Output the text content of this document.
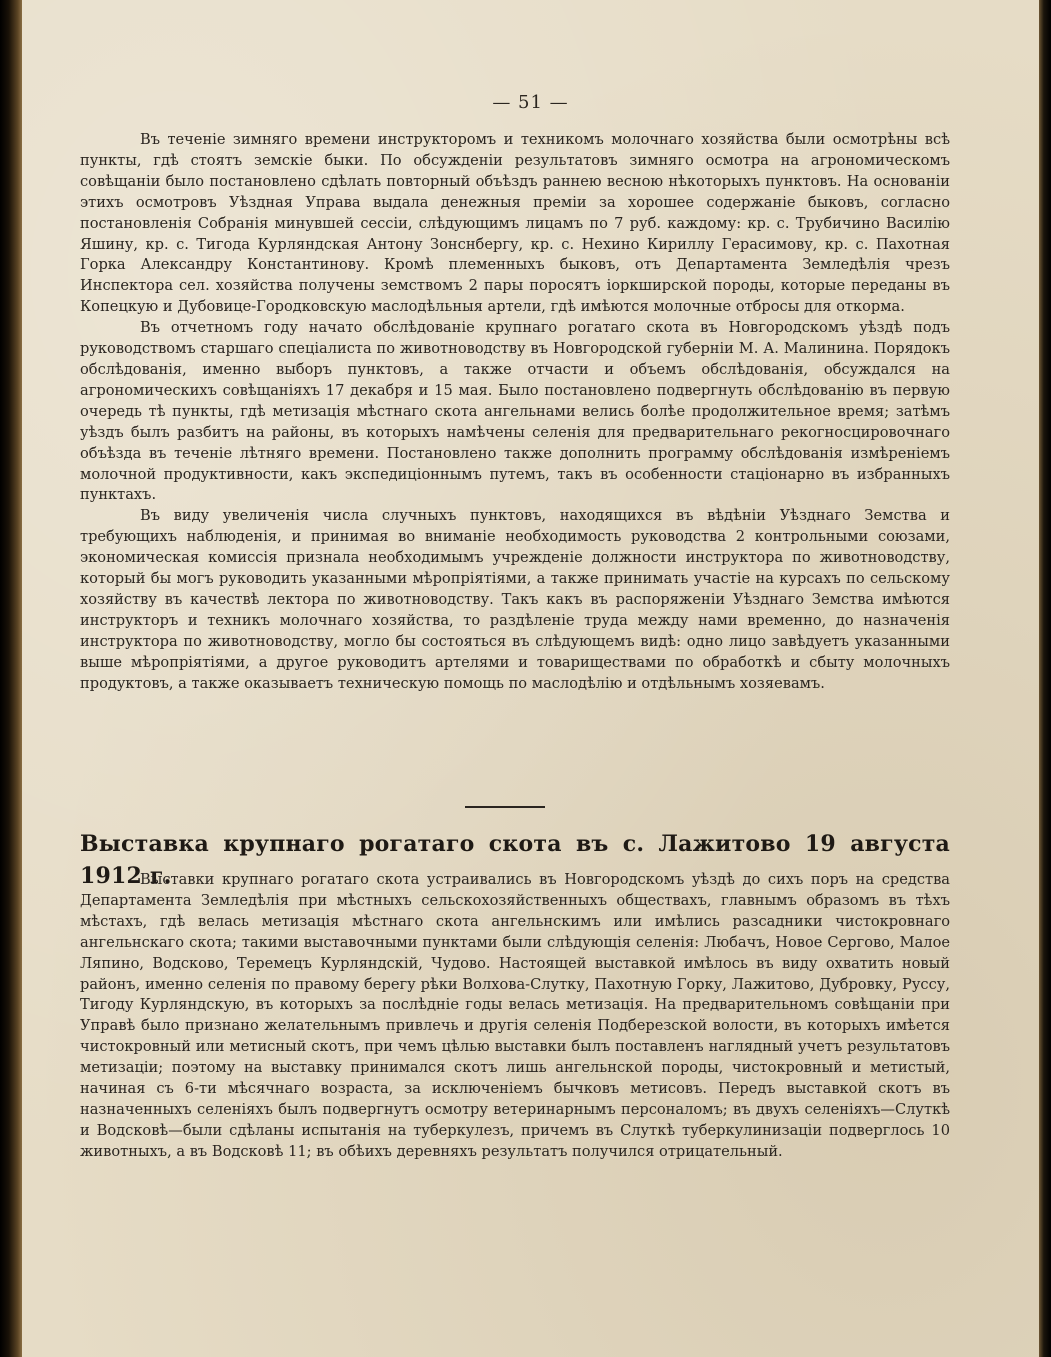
— 51 —

Въ теченіе зимняго времени инструкторомъ и техникомъ молочнаго хозяйства были осмотрѣны всѣ пункты, гдѣ стоятъ земскіе быки. По обсужденіи результатовъ зимняго осмотра на агрономическомъ совѣщаніи было постановлено сдѣлать повторный объѣздъ раннею весною нѣкоторыхъ пунктовъ. На основаніи этихъ осмотровъ Уѣздная Управа выдала денежныя преміи за хорошее содержаніе быковъ, согласно постановленія Собранія минувшей сессіи, слѣдующимъ лицамъ по 7 руб. каждому: кр. с. Трубичино Василію Яшину, кр. с. Тигода Курляндская Антону Зонснбергу, кр. с. Нехино Кириллу Герасимову, кр. с. Пахотная Горка Александру Константинову. Кромѣ племенныхъ быковъ, отъ Департамента Земледѣлія чрезъ Инспектора сел. хозяйства получены земствомъ 2 пары поросятъ іоркширской породы, которые переданы въ Копецкую и Дубовице-Городковскую маслодѣльныя артели, гдѣ имѣются молочные отбросы для откорма.

Въ отчетномъ году начато обслѣдованіе крупнаго рогатаго скота въ Новгородскомъ уѣздѣ подъ руководствомъ старшаго спеціалиста по животноводству въ Новгородской губерніи М. А. Малинина. Порядокъ обслѣдованія, именно выборъ пунктовъ, а также отчасти и объемъ обслѣдованія, обсуждался на агрономическихъ совѣщаніяхъ 17 декабря и 15 мая. Было постановлено подвергнуть обслѣдованію въ первую очередь тѣ пункты, гдѣ метизація мѣстнаго скота ангельнами велись болѣе продолжительное время; затѣмъ уѣздъ былъ разбитъ на районы, въ которыхъ намѣчены селенія для предварительнаго рекогносцировочнаго объѣзда въ теченіе лѣтняго времени. Постановлено также дополнить программу обслѣдованія измѣреніемъ молочной продуктивности, какъ экспедиціоннымъ путемъ, такъ въ особенности стаціонарно въ избранныхъ пунктахъ.

Въ виду увеличенія числа случныхъ пунктовъ, находящихся въ вѣдѣніи Уѣзднаго Земства и требующихъ наблюденія, и принимая во вниманіе необходимость руководства 2 контрольными союзами, экономическая комиссія признала необходимымъ учрежденіе должности инструктора по животноводству, который бы могъ руководить указанными мѣропріятіями, а также принимать участіе на курсахъ по сельскому хозяйству въ качествѣ лектора по животноводству. Такъ какъ въ распоряженіи Уѣзднаго Земства имѣются инструкторъ и техникъ молочнаго хозяйства, то раздѣленіе труда между нами временно, до назначенія инструктора по животноводству, могло бы состояться въ слѣдующемъ видѣ: одно лицо завѣдуетъ указанными выше мѣропріятіями, а другое руководитъ артелями и товариществами по обработкѣ и сбыту молочныхъ продуктовъ, а также оказываетъ техническую помощь по маслодѣлію и отдѣльнымъ хозяевамъ.

Выставка крупнаго рогатаго скота въ с. Лажитово 19 августа 1912 г.

Выставки крупнаго рогатаго скота устраивались въ Новгородскомъ уѣздѣ до сихъ поръ на средства Департамента Земледѣлія при мѣстныхъ сельскохозяйственныхъ обществахъ, главнымъ образомъ въ тѣхъ мѣстахъ, гдѣ велась метизація мѣстнаго скота ангельнскимъ или имѣлись разсадники чистокровнаго ангельнскаго скота; такими выставочными пунктами были слѣдующія селенія: Любачъ, Новое Сергово, Малое Ляпино, Водсково, Теремецъ Курляндскій, Чудово. Настоящей выставкой имѣлось въ виду охватить новый районъ, именно селенія по правому берегу рѣки Волхова-Слутку, Пахотную Горку, Лажитово, Дубровку, Руссу, Тигоду Курляндскую, въ которыхъ за послѣдніе годы велась метизація. На предварительномъ совѣщаніи при Управѣ было признано желательнымъ привлечь и другія селенія Подберезской волости, въ которыхъ имѣется чистокровный или метисный скотъ, при чемъ цѣлью выставки былъ поставленъ наглядный учетъ результатовъ метизаціи; поэтому на выставку принимался скотъ лишь ангельнской породы, чистокровный и метистый, начиная съ 6-ти мѣсячнаго возраста, за исключеніемъ бычковъ метисовъ. Передъ выставкой скотъ въ назначенныхъ селеніяхъ былъ подвергнутъ осмотру ветеринарнымъ персоналомъ; въ двухъ селеніяхъ—Слуткѣ и Водсковѣ—были сдѣланы испытанія на туберкулезъ, причемъ въ Слуткѣ туберкулинизаціи подверглось 10 животныхъ, а въ Водсковѣ 11; въ обѣихъ деревняхъ результатъ получился отрицательный.
